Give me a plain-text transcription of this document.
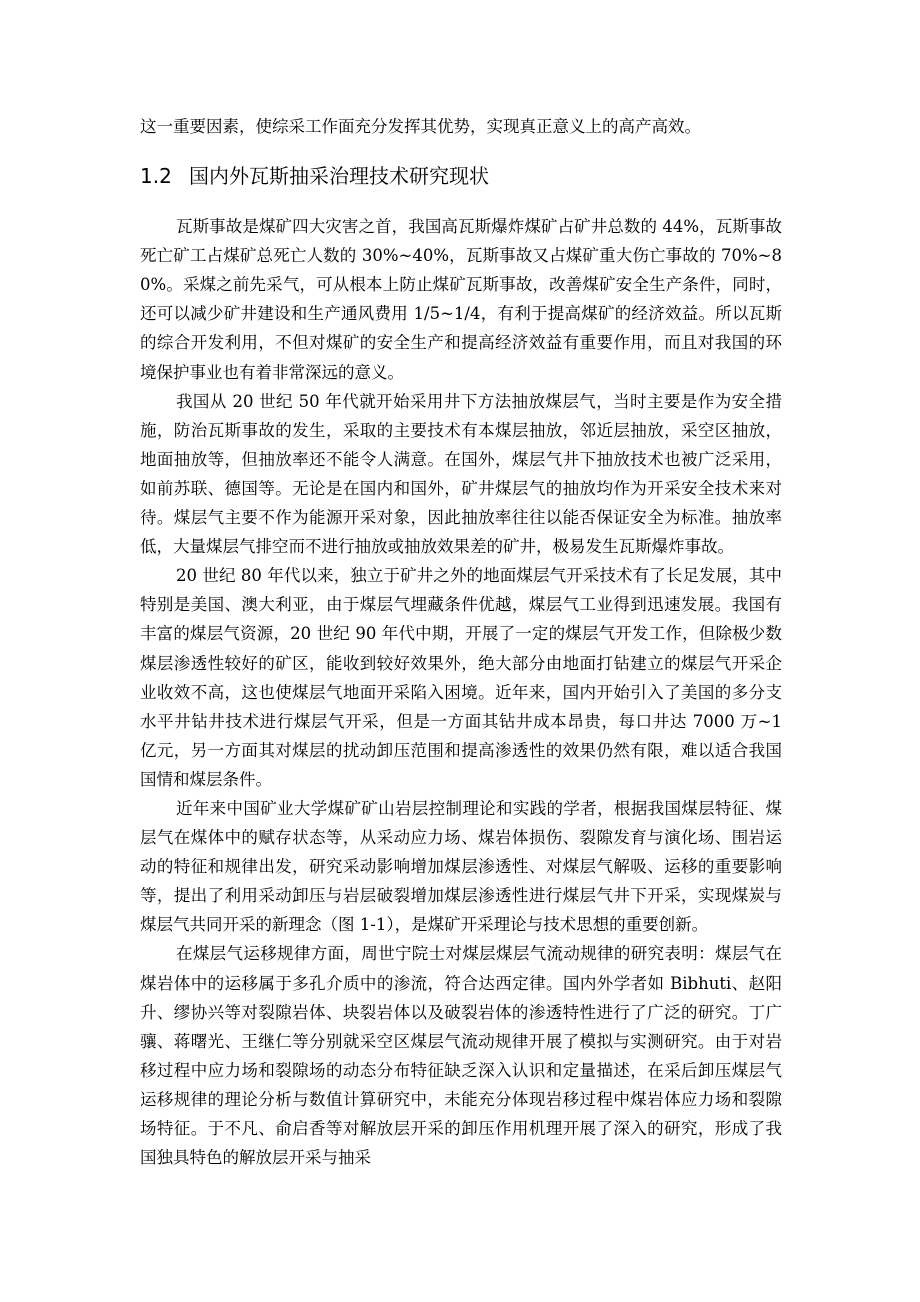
这一重要因素，使综采工作面充分发挥其优势，实现真正意义上的高产高效。

1.2 国内外瓦斯抽采治理技术研究现状

瓦斯事故是煤矿四大灾害之首，我国高瓦斯爆炸煤矿占矿井总数的 44%，瓦斯事故死亡矿工占煤矿总死亡人数的 30%~40%，瓦斯事故又占煤矿重大伤亡事故的 70%~80%。采煤之前先采气，可从根本上防止煤矿瓦斯事故，改善煤矿安全生产条件，同时，还可以减少矿井建设和生产通风费用 1/5~1/4，有利于提高煤矿的经济效益。所以瓦斯的综合开发利用，不但对煤矿的安全生产和提高经济效益有重要作用，而且对我国的环境保护事业也有着非常深远的意义。

我国从 20 世纪 50 年代就开始采用井下方法抽放煤层气，当时主要是作为安全措施，防治瓦斯事故的发生，采取的主要技术有本煤层抽放，邻近层抽放，采空区抽放，地面抽放等，但抽放率还不能令人满意。在国外，煤层气井下抽放技术也被广泛采用，如前苏联、德国等。无论是在国内和国外，矿井煤层气的抽放均作为开采安全技术来对待。煤层气主要不作为能源开采对象，因此抽放率往往以能否保证安全为标准。抽放率低，大量煤层气排空而不进行抽放或抽放效果差的矿井，极易发生瓦斯爆炸事故。

20 世纪 80 年代以来，独立于矿井之外的地面煤层气开采技术有了长足发展，其中特别是美国、澳大利亚，由于煤层气埋藏条件优越，煤层气工业得到迅速发展。我国有丰富的煤层气资源，20 世纪 90 年代中期，开展了一定的煤层气开发工作，但除极少数煤层渗透性较好的矿区，能收到较好效果外，绝大部分由地面打钻建立的煤层气开采企业收效不高，这也使煤层气地面开采陷入困境。近年来，国内开始引入了美国的多分支水平井钻井技术进行煤层气开采，但是一方面其钻井成本昂贵，每口井达 7000 万~1 亿元，另一方面其对煤层的扰动卸压范围和提高渗透性的效果仍然有限，难以适合我国国情和煤层条件。

近年来中国矿业大学煤矿矿山岩层控制理论和实践的学者，根据我国煤层特征、煤层气在煤体中的赋存状态等，从采动应力场、煤岩体损伤、裂隙发育与演化场、围岩运动的特征和规律出发，研究采动影响增加煤层渗透性、对煤层气解吸、运移的重要影响等，提出了利用采动卸压与岩层破裂增加煤层渗透性进行煤层气井下开采，实现煤炭与煤层气共同开采的新理念（图 1-1），是煤矿开采理论与技术思想的重要创新。

在煤层气运移规律方面，周世宁院士对煤层煤层气流动规律的研究表明：煤层气在煤岩体中的运移属于多孔介质中的渗流，符合达西定律。国内外学者如 Bibhuti、赵阳升、缪协兴等对裂隙岩体、块裂岩体以及破裂岩体的渗透特性进行了广泛的研究。丁广骧、蒋曙光、王继仁等分别就采空区煤层气流动规律开展了模拟与实测研究。由于对岩移过程中应力场和裂隙场的动态分布特征缺乏深入认识和定量描述，在采后卸压煤层气运移规律的理论分析与数值计算研究中，未能充分体现岩移过程中煤岩体应力场和裂隙场特征。于不凡、俞启香等对解放层开采的卸压作用机理开展了深入的研究，形成了我国独具特色的解放层开采与抽采
